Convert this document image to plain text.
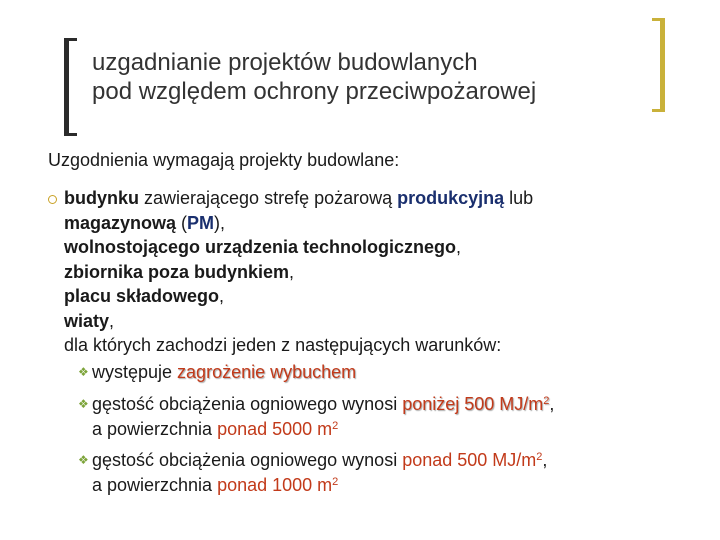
uzgadnianie projektów budowlanych
pod względem ochrony przeciwpożarowej

Uzgodnienia wymagają projekty budowlane:

budynku zawierającego strefę pożarową produkcyjną lub
magazynową (PM),
wolnostojącego urządzenia technologicznego,
zbiornika poza budynkiem,
placu składowego,
wiaty,
dla których zachodzi jeden z następujących warunków:
❖ występuje zagrożenie wybuchem
❖ gęstość obciążenia ogniowego wynosi poniżej 500 $MJ/m^2$,
a powierzchnia ponad 5000 $m^2$
❖ gęstość obciążenia ogniowego wynosi ponad 500 $MJ/m^2$,
a powierzchnia ponad 1000 $m^2$
